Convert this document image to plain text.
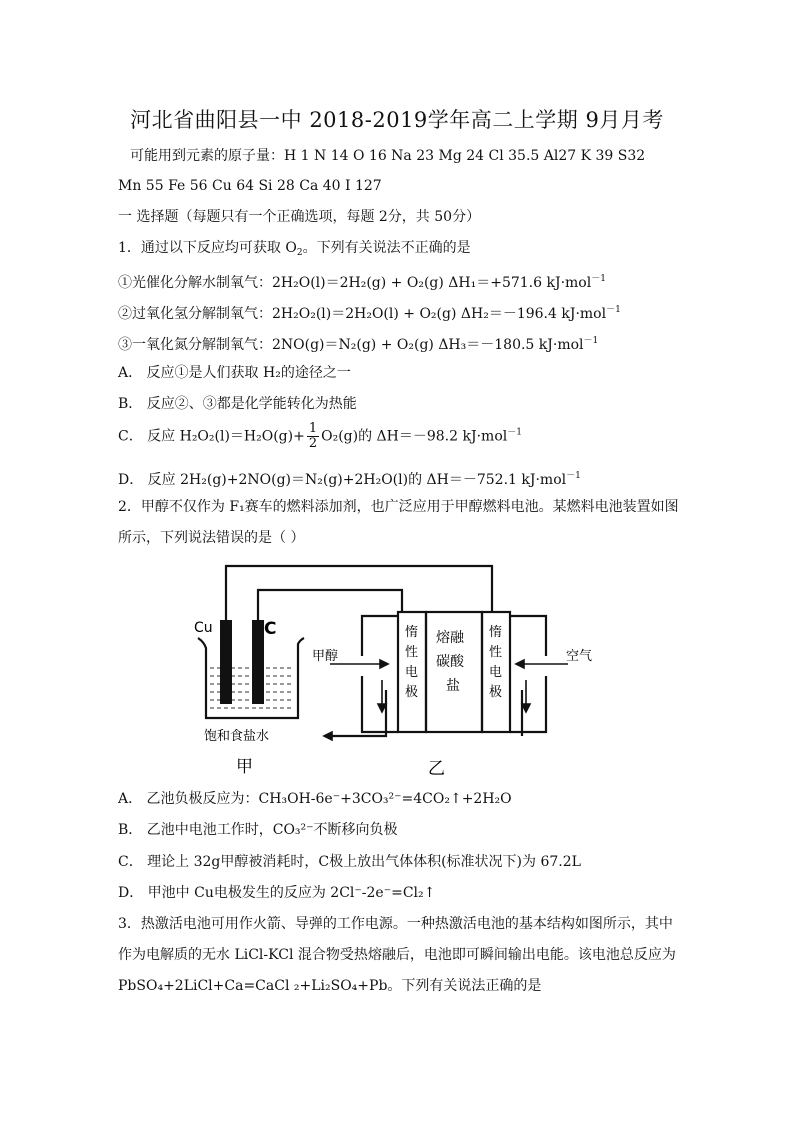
河北省曲阳县一中 2018-2019学年高二上学期 9月月考
可能用到元素的原子量：H 1 N 14 O 16 Na 23 Mg 24 Cl 35.5 Al27 K 39 S32
Mn 55 Fe 56 Cu 64 Si 28 Ca 40 I 127
一 选择题（每题只有一个正确选项，每题 2分，共 50分）
1．通过以下反应均可获取 $O_2$。下列有关说法不正确的是
①光催化分解水制氧气：2H₂O(l)＝2H₂(g) + O₂(g) ΔH₁＝+571.6 kJ·mol$^{-1}$
②过氧化氢分解制氧气：2H₂O₂(l)＝2H₂O(l) + O₂(g) ΔH₂＝－196.4 kJ·mol$^{-1}$
③一氧化氮分解制氧气：2NO(g)＝N₂(g) + O₂(g) ΔH₃＝－180.5 kJ·mol$^{-1}$
A． 反应①是人们获取 H₂的途径之一
B． 反应②、③都是化学能转化为热能
C． 反应 $H_2O_2(l)=H_2O(g)+ \frac{1}{2} O_2(g)$的 ΔH＝－98.2 kJ·mol$^{-1}$
D． 反应 2H₂(g)+2NO(g)＝N₂(g)+2H₂O(l)的 ΔH＝－752.1 kJ·mol$^{-1}$
2．甲醇不仅作为 F₁赛车的燃料添加剂，也广泛应用于甲醇燃料电池。某燃料电池装置如图
所示，下列说法错误的是（ ）
Cu	C
甲醇	空气
饱和食盐水
甲	乙
惰
性
电
极
惰
性
电
极
熔融
碳酸
盐
A． 乙池负极反应为：CH₃OH-6e⁻+3CO₃²⁻=4CO₂↑+2H₂O
B． 乙池中电池工作时，CO₃²⁻不断移向负极
C． 理论上 32g甲醇被消耗时，C极上放出气体体积(标准状况下)为 67.2L
D． 甲池中 Cu电极发生的反应为 2Cl⁻-2e⁻=Cl₂↑
3．热激活电池可用作火箭、导弹的工作电源。一种热激活电池的基本结构如图所示，其中
作为电解质的无水 LiCl-KCl 混合物受热熔融后，电池即可瞬间输出电能。该电池总反应为
PbSO₄+2LiCl+Ca=CaCl ₂+Li₂SO₄+Pb。下列有关说法正确的是
